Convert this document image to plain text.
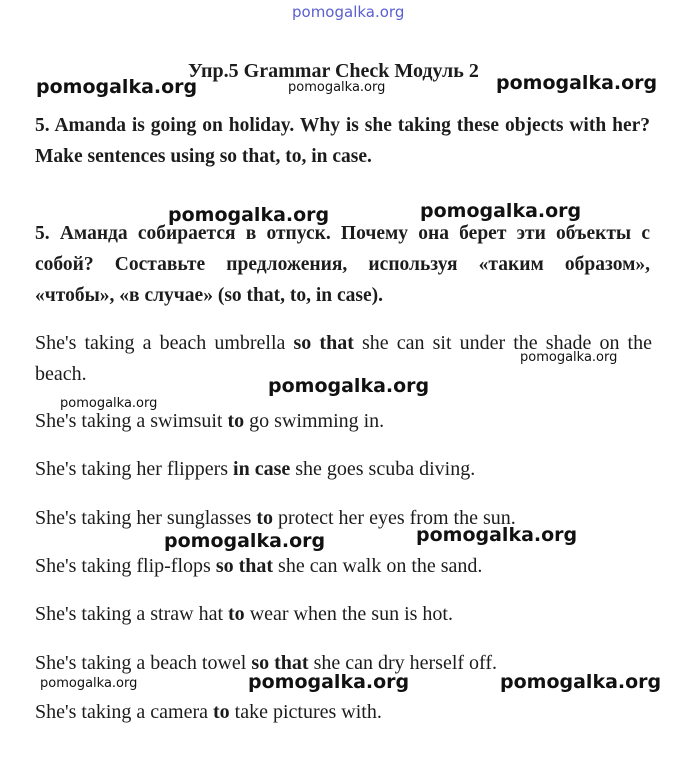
pomogalka.org
Упр.5 Grammar Check Модуль 2
pomogalka.org	pomogalka.org	pomogalka.org
5. Amanda is going on holiday. Why is she taking these objects with her? Make sentences using so that, to, in case.
pomogalka.org	pomogalka.org
5. Аманда собирается в отпуск. Почему она берет эти объекты с собой? Составьте предложения, используя «таким образом», «чтобы», «в случае» (so that, to, in case).
She's taking a beach umbrella so that she can sit under the shade on the beach.
pomogalka.org
pomogalka.org
pomogalka.org
She's taking a swimsuit to go swimming in.
She's taking her flippers in case she goes scuba diving.
She's taking her sunglasses to protect her eyes from the sun.
pomogalka.org	pomogalka.org
She's taking flip-flops so that she can walk on the sand.
She's taking a straw hat to wear when the sun is hot.
She's taking a beach towel so that she can dry herself off.
pomogalka.org	pomogalka.org	pomogalka.org
She's taking a camera to take pictures with.
